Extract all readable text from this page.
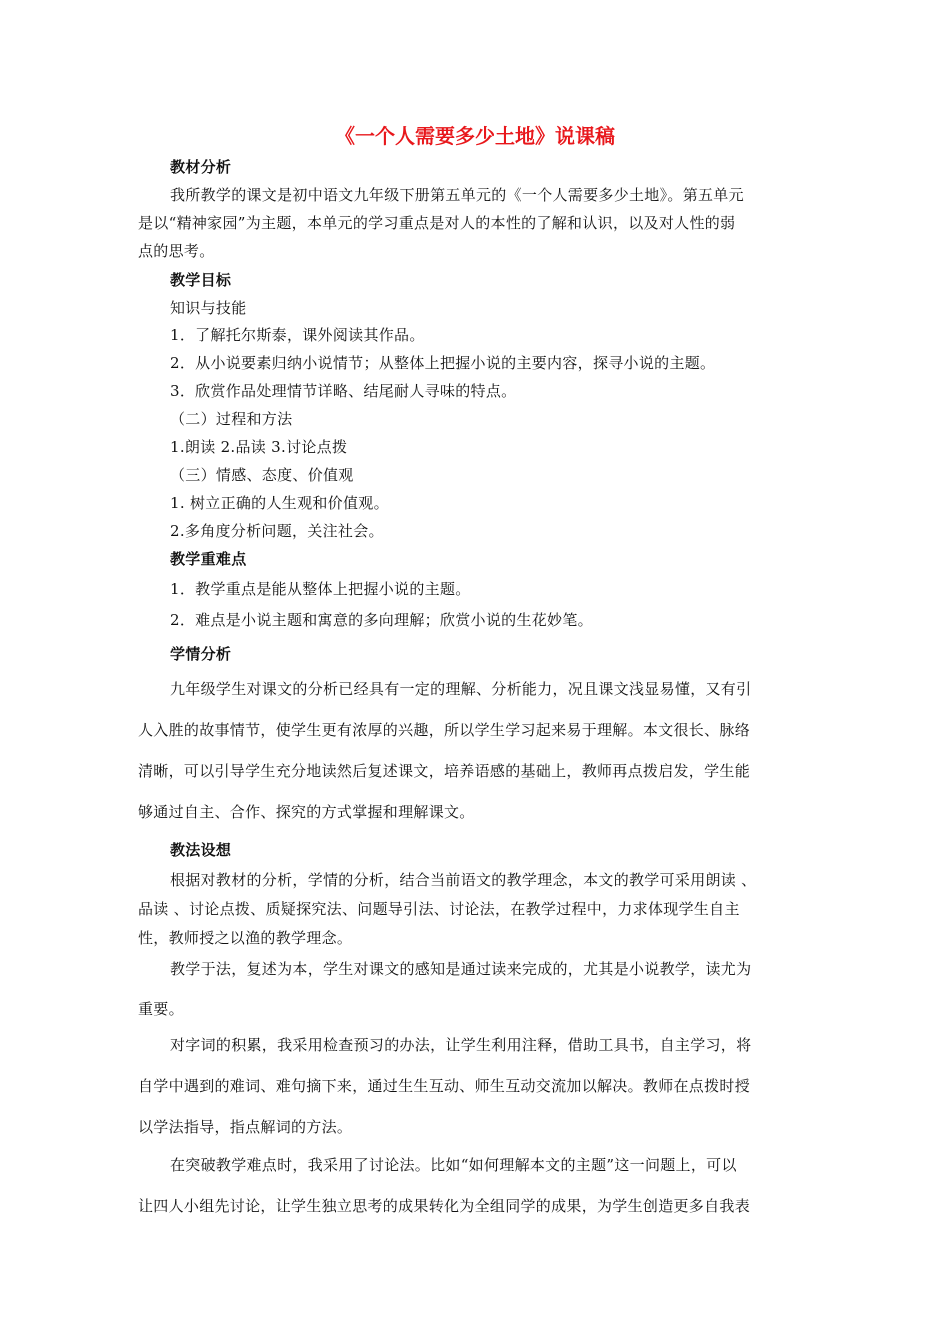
《一个人需要多少土地》说课稿
教材分析
我所教学的课文是初中语文九年级下册第五单元的《一个人需要多少土地》。第五单元
是以“精神家园”为主题，本单元的学习重点是对人的本性的了解和认识，以及对人性的弱
点的思考。
教学目标
知识与技能
1．了解托尔斯泰，课外阅读其作品。
2．从小说要素归纳小说情节；从整体上把握小说的主要内容，探寻小说的主题。
3．欣赏作品处理情节详略、结尾耐人寻味的特点。
（二）过程和方法
1.朗读 2.品读 3.讨论点拨
（三）情感、态度、价值观
1. 树立正确的人生观和价值观。
2.多角度分析问题，关注社会。
教学重难点
1．教学重点是能从整体上把握小说的主题。
2．难点是小说主题和寓意的多向理解；欣赏小说的生花妙笔。
学情分析
九年级学生对课文的分析已经具有一定的理解、分析能力，况且课文浅显易懂，又有引
人入胜的故事情节，使学生更有浓厚的兴趣，所以学生学习起来易于理解。本文很长、脉络
清晰，可以引导学生充分地读然后复述课文，培养语感的基础上，教师再点拨启发，学生能
够通过自主、合作、探究的方式掌握和理解课文。
教法设想
根据对教材的分析，学情的分析，结合当前语文的教学理念，本文的教学可采用朗读 、
品读 、讨论点拨、质疑探究法、问题导引法、讨论法，在教学过程中，力求体现学生自主
性，教师授之以渔的教学理念。
教学于法，复述为本，学生对课文的感知是通过读来完成的，尤其是小说教学，读尤为
重要。
对字词的积累，我采用检查预习的办法，让学生利用注释，借助工具书，自主学习，将
自学中遇到的难词、难句摘下来，通过生生互动、师生互动交流加以解决。教师在点拨时授
以学法指导，指点解词的方法。
在突破教学难点时，我采用了讨论法。比如“如何理解本文的主题”这一问题上，可以
让四人小组先讨论，让学生独立思考的成果转化为全组同学的成果，为学生创造更多自我表
